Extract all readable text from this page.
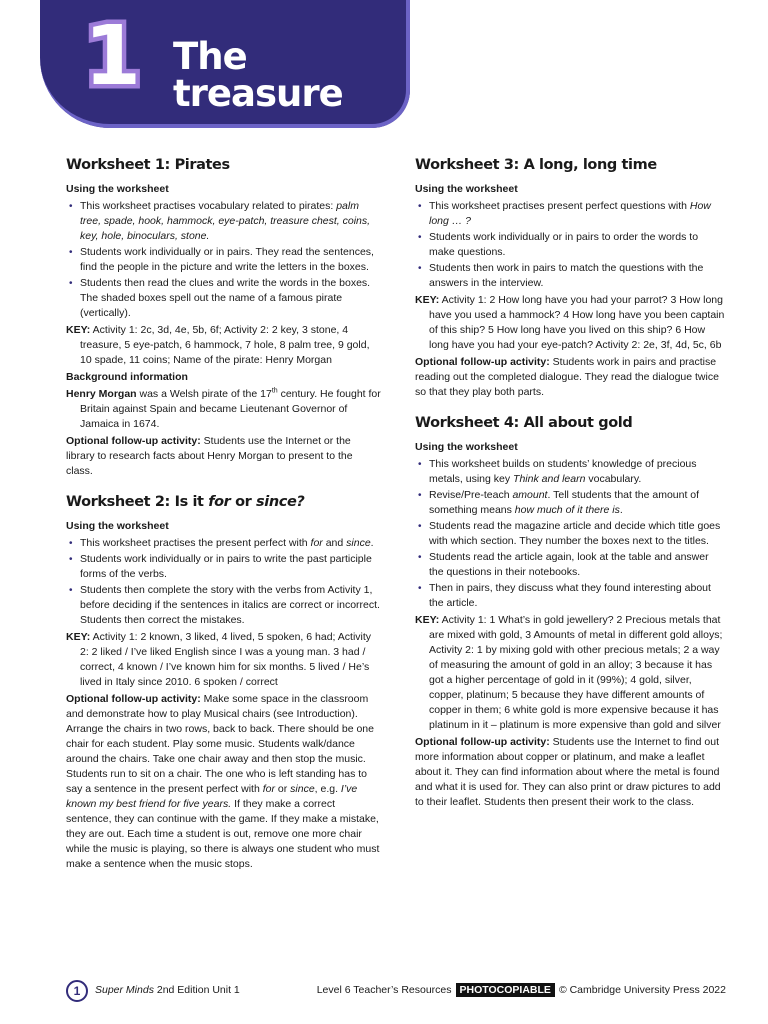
1 The treasure
Worksheet 1: Pirates
Using the worksheet
• This worksheet practises vocabulary related to pirates: palm tree, spade, hook, hammock, eye-patch, treasure chest, coins, key, hole, binoculars, stone.
• Students work individually or in pairs. They read the sentences, find the people in the picture and write the letters in the boxes.
• Students then read the clues and write the words in the boxes. The shaded boxes spell out the name of a famous pirate (vertically).

KEY: Activity 1: 2c, 3d, 4e, 5b, 6f; Activity 2: 2 key, 3 stone, 4 treasure, 5 eye-patch, 6 hammock, 7 hole, 8 palm tree, 9 gold, 10 spade, 11 coins; Name of the pirate: Henry Morgan

Background information

Henry Morgan was a Welsh pirate of the 17th century. He fought for Britain against Spain and became Lieutenant Governor of Jamaica in 1674.

Optional follow-up activity: Students use the Internet or the library to research facts about Henry Morgan to present to the class.

Worksheet 2: Is it for or since?
Using the worksheet
• This worksheet practises the present perfect with for and since.
• Students work individually or in pairs to write the past participle forms of the verbs.
• Students then complete the story with the verbs from Activity 1, before deciding if the sentences in italics are correct or incorrect. Students then correct the mistakes.

KEY: Activity 1: 2 known, 3 liked, 4 lived, 5 spoken, 6 had; Activity 2: 2 liked / I’ve liked English since I was a young man. 3 had / correct, 4 known / I’ve known him for six months. 5 lived / He’s lived in Italy since 2010. 6 spoken / correct

Optional follow-up activity: Make some space in the classroom and demonstrate how to play Musical chairs (see Introduction). Arrange the chairs in two rows, back to back. There should be one chair for each student. Play some music. Students walk/dance around the chairs. Take one chair away and then stop the music. Students run to sit on a chair. The one who is left standing has to say a sentence in the present perfect with for or since, e.g. I’ve known my best friend for five years. If they make a correct sentence, they can continue with the game. If they make a mistake, they are out. Each time a student is out, remove one more chair while the music is playing, so there is always one student who must make a sentence when the music stops.

Worksheet 3: A long, long time
Using the worksheet
• This worksheet practises present perfect questions with How long … ?
• Students work individually or in pairs to order the words to make questions.
• Students then work in pairs to match the questions with the answers in the interview.

KEY: Activity 1: 2 How long have you had your parrot? 3 How long have you used a hammock? 4 How long have you been captain of this ship? 5 How long have you lived on this ship? 6 How long have you had your eye-patch? Activity 2: 2e, 3f, 4d, 5c, 6b

Optional follow-up activity: Students work in pairs and practise reading out the completed dialogue. They read the dialogue twice so that they play both parts.

Worksheet 4: All about gold
Using the worksheet
• This worksheet builds on students’ knowledge of precious metals, using key Think and learn vocabulary.
• Revise/Pre-teach amount. Tell students that the amount of something means how much of it there is.
• Students read the magazine article and decide which title goes with which section. They number the boxes next to the titles.
• Students read the article again, look at the table and answer the questions in their notebooks.
• Then in pairs, they discuss what they found interesting about the article.

KEY: Activity 1: 1 What’s in gold jewellery? 2 Precious metals that are mixed with gold, 3 Amounts of metal in different gold alloys; Activity 2: 1 by mixing gold with other precious metals; 2 a way of measuring the amount of gold in an alloy; 3 because it has got a higher percentage of gold in it (99%); 4 gold, silver, copper, platinum; 5 because they have different amounts of copper in them; 6 white gold is more expensive because it has platinum in it – platinum is more expensive than gold and silver

Optional follow-up activity: Students use the Internet to find out more information about copper or platinum, and make a leaflet about it. They can find information about where the metal is found and what it is used for. They can also print or draw pictures to add to their leaflet. Students then present their work to the class.

1	Super Minds 2nd Edition Unit 1	Level 6 Teacher’s Resources PHOTOCOPIABLE © Cambridge University Press 2022
